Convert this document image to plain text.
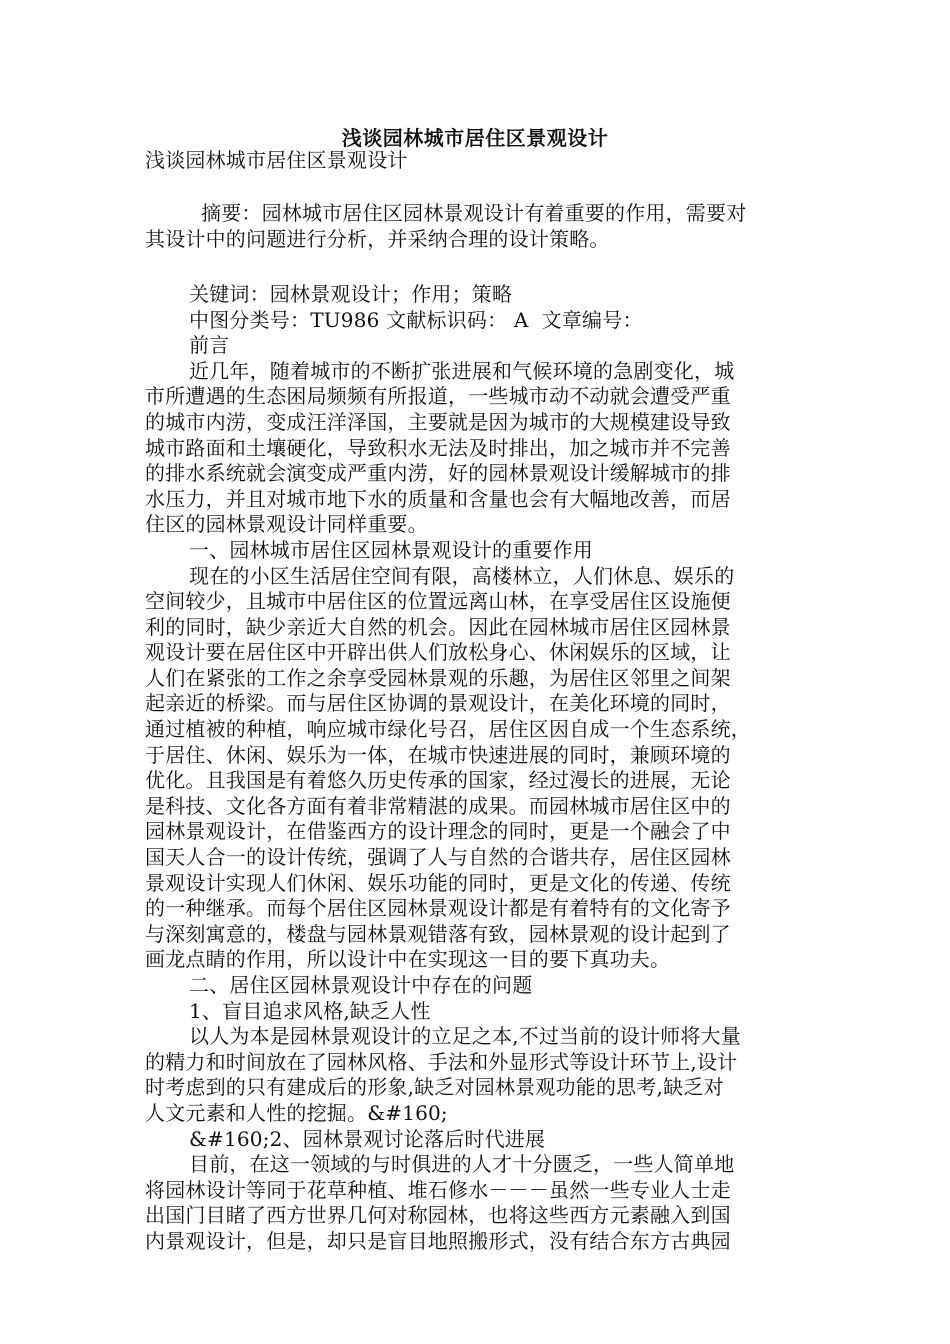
浅谈园林城市居住区景观设计
浅谈园林城市居住区景观设计
摘要：园林城市居住区园林景观设计有着重要的作用，需要对
其设计中的问题进行分析，并采纳合理的设计策略。
关键词：园林景观设计；作用；策略
中图分类号：TU986 文献标识码： A  文章编号：
前言
近几年，随着城市的不断扩张进展和气候环境的急剧变化，城
市所遭遇的生态困局频频有所报道，一些城市动不动就会遭受严重
的城市内涝，变成汪洋泽国，主要就是因为城市的大规模建设导致
城市路面和土壤硬化，导致积水无法及时排出，加之城市并不完善
的排水系统就会演变成严重内涝，好的园林景观设计缓解城市的排
水压力，并且对城市地下水的质量和含量也会有大幅地改善，而居
住区的园林景观设计同样重要。
一、园林城市居住区园林景观设计的重要作用
现在的小区生活居住空间有限，高楼林立，人们休息、娱乐的
空间较少，且城市中居住区的位置远离山林，在享受居住区设施便
利的同时，缺少亲近大自然的机会。因此在园林城市居住区园林景
观设计要在居住区中开辟出供人们放松身心、休闲娱乐的区域，让
人们在紧张的工作之余享受园林景观的乐趣，为居住区邻里之间架
起亲近的桥梁。而与居住区协调的景观设计，在美化环境的同时，
通过植被的种植，响应城市绿化号召，居住区因自成一个生态系统，
于居住、休闲、娱乐为一体，在城市快速进展的同时，兼顾环境的
优化。且我国是有着悠久历史传承的国家，经过漫长的进展，无论
是科技、文化各方面有着非常精湛的成果。而园林城市居住区中的
园林景观设计，在借鉴西方的设计理念的同时，更是一个融会了中
国天人合一的设计传统，强调了人与自然的合谐共存，居住区园林
景观设计实现人们休闲、娱乐功能的同时，更是文化的传递、传统
的一种继承。而每个居住区园林景观设计都是有着特有的文化寄予
与深刻寓意的，楼盘与园林景观错落有致，园林景观的设计起到了
画龙点睛的作用，所以设计中在实现这一目的要下真功夫。
二、居住区园林景观设计中存在的问题
1、盲目追求风格,缺乏人性
以人为本是园林景观设计的立足之本,不过当前的设计师将大量
的精力和时间放在了园林风格、手法和外显形式等设计环节上,设计
时考虑到的只有建成后的形象,缺乏对园林景观功能的思考,缺乏对
人文元素和人性的挖掘。&#160;
&#160;2、园林景观讨论落后时代进展
目前，在这一领域的与时俱进的人才十分匮乏，一些人简单地
将园林设计等同于花草种植、堆石修水－－－虽然一些专业人士走
出国门目睹了西方世界几何对称园林，也将这些西方元素融入到国
内景观设计，但是，却只是盲目地照搬形式，没有结合东方古典园
